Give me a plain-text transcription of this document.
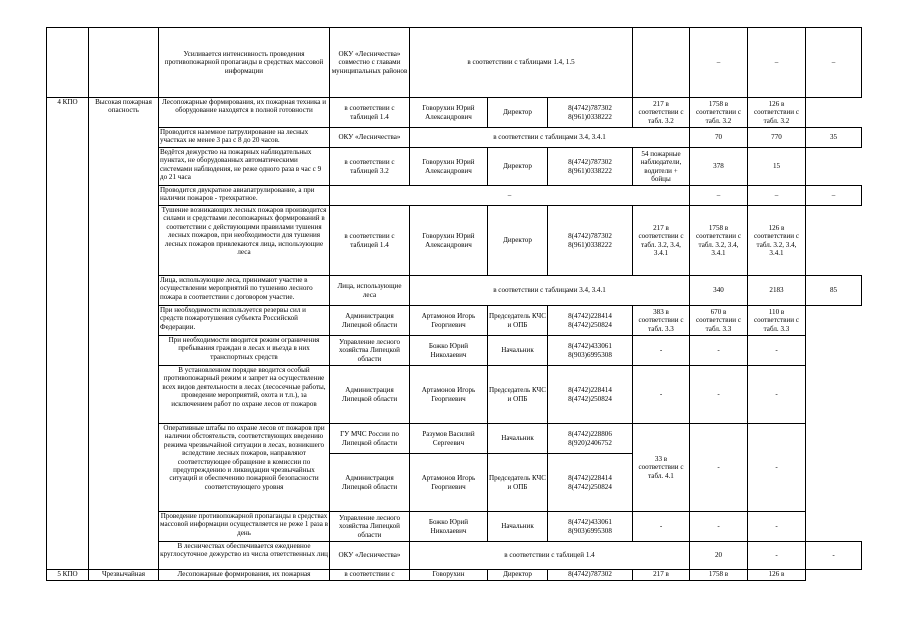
		Усиливается интенсивность проведения противопожарной пропаганды в средствах массовой информации	ОКУ «Лесничества» совместно с главами муниципальных районов	в соответствии с таблицами 1.4, 1.5				–	–	–
4 КПО	Высокая пожарная опасность	Лесопожарные формирования, их пожарная техника и оборудование находятся в полной готовности	в соответствии с таблицей 1.4	Говорухин Юрий Александрович	Директор	8(4742)787302 8(961)0338222	217 в соответствии с табл. 3.2	1758 в соответствии с табл. 3.2	126 в соответствии с табл. 3.2	
		Проводится наземное патрулирование на лесных участках не менее 3 раз с 8 до 20 часов.	ОКУ «Лесничества»	в соответствии с таблицами 3.4, 3.4.1				70	770	35
		Ведётся дежурство на пожарных наблюдательных пунктах, не оборудованных автоматическими системами наблюдения, не реже одного раза в час с 9 до 21 часа	в соответствии с таблицей 3.2	Говорухин Юрий Александрович	Директор	8(4742)787302 8(961)0338222	54 пожарные наблюдатели, водители + бойцы	378	15	
		Проводится двукратное авиапатрулирование, а при наличии пожаров - трехкратное.	–					–	–	–
		Тушение возникающих лесных пожаров производится силами и средствами лесопожарных формирований в соответствии с действующими правилами тушения лесных пожаров, при необходимости для тушения лесных пожаров привлекаются лица, использующие леса	в соответствии с таблицей 1.4	Говорухин Юрий Александрович	Директор	8(4742)787302 8(961)0338222	217 в соответствии с табл. 3.2, 3.4, 3.4.1	1758 в соответствии с табл. 3.2, 3.4, 3.4.1	126 в соответствии с табл. 3.2, 3.4, 3.4.1	
		Лица, использующие леса, принимают участие в осуществлении мероприятий по тушению лесного пожара в соответствии с договором участие.	Лица, использующие леса	в соответствии с таблицами 3.4, 3.4.1				340	2183	85
		При необходимости используется резервы сил и средств пожаротушения субъекта Российской Федерации.	Администрация Липецкой области	Артамонов Игорь Георгиевич	Председатель КЧС и ОПБ	8(4742)228414 8(4742)250824	383 в соответствии с табл. 3.3	670 в соответствии с табл. 3.3	110 в соответствии с табл. 3.3	
		При необходимости вводится режим ограничения пребывания граждан в лесах и въезда в них транспортных средств	Управление лесного хозяйства Липецкой области	Божко Юрий Николаевич	Начальник	8(4742)433061 8(903)6995308	-	-	-	
		В установленном порядке вводится особый противопожарный режим и запрет на осуществление всех видов деятельности в лесах (лесосечные работы, проведение мероприятий, охота и т.п.), за исключением работ по охране лесов от пожаров	Администрация Липецкой области	Артамонов Игорь Георгиевич	Председатель КЧС и ОПБ	8(4742)228414 8(4742)250824	-	-	-	
		Оперативные штабы по охране лесов от пожаров при наличии обстоятельств, соответствующих введению режима чрезвычайной ситуации в лесах, возникшего вследствие лесных пожаров, направляют соответствующее обращение в комиссии по предупреждению и ликвидации чрезвычайных ситуаций и обеспечению пожарной безопасности соответствующего уровня	ГУ МЧС России по Липецкой области	Разумов Василий Сергеевич	Начальник	8(4742)228806 8(920)2406752	33 в соответствии с табл. 4.1	-	-	
			Администрация Липецкой области	Артамонов Игорь Георгиевич	Председатель КЧС и ОПБ	8(4742)228414 8(4742)250824				
		Проведение противопожарной пропаганды в средствах массовой информации осуществляется не реже 1 раза в день	Управление лесного хозяйства Липецкой области	Божко Юрий Николаевич	Начальник	8(4742)433061 8(903)6995308	-	-	-	
		В лесничествах обеспечивается ежедневное круглосуточное дежурство из числа ответственных лиц	ОКУ «Лесничества»	в соответствии с таблицей 1.4				20	-	-
5 КПО	Чрезвычайная	Лесопожарные формирования, их пожарная	в соответствии с	Говорухин	Директор	8(4742)787302	217 в	1758 в	126 в	
